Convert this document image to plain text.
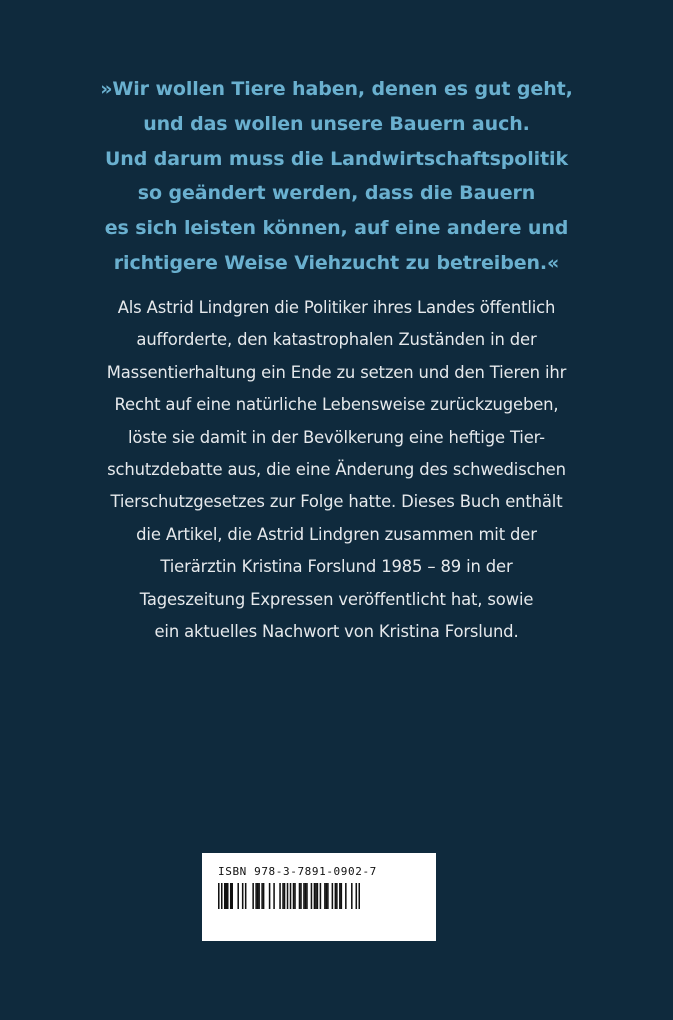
»Wir wollen Tiere haben, denen es gut geht,
und das wollen unsere Bauern auch.
Und darum muss die Landwirtschaftspolitik
so geändert werden, dass die Bauern
es sich leisten können, auf eine andere und
richtigere Weise Viehzucht zu betreiben.«
Als Astrid Lindgren die Politiker ihres Landes öffentlich
aufforderte, den katastrophalen Zuständen in der
Massentierhaltung ein Ende zu setzen und den Tieren ihr
Recht auf eine natürliche Lebensweise zurückzugeben,
löste sie damit in der Bevölkerung eine heftige Tier-
schutzdebatte aus, die eine Änderung des schwedischen
Tierschutzgesetzes zur Folge hatte. Dieses Buch enthält
die Artikel, die Astrid Lindgren zusammen mit der
Tierärztin Kristina Forslund 1985 – 89 in der
Tageszeitung Expressen veröffentlicht hat, sowie
ein aktuelles Nachwort von Kristina Forslund.
ISBN 978-3-7891-0902-7
